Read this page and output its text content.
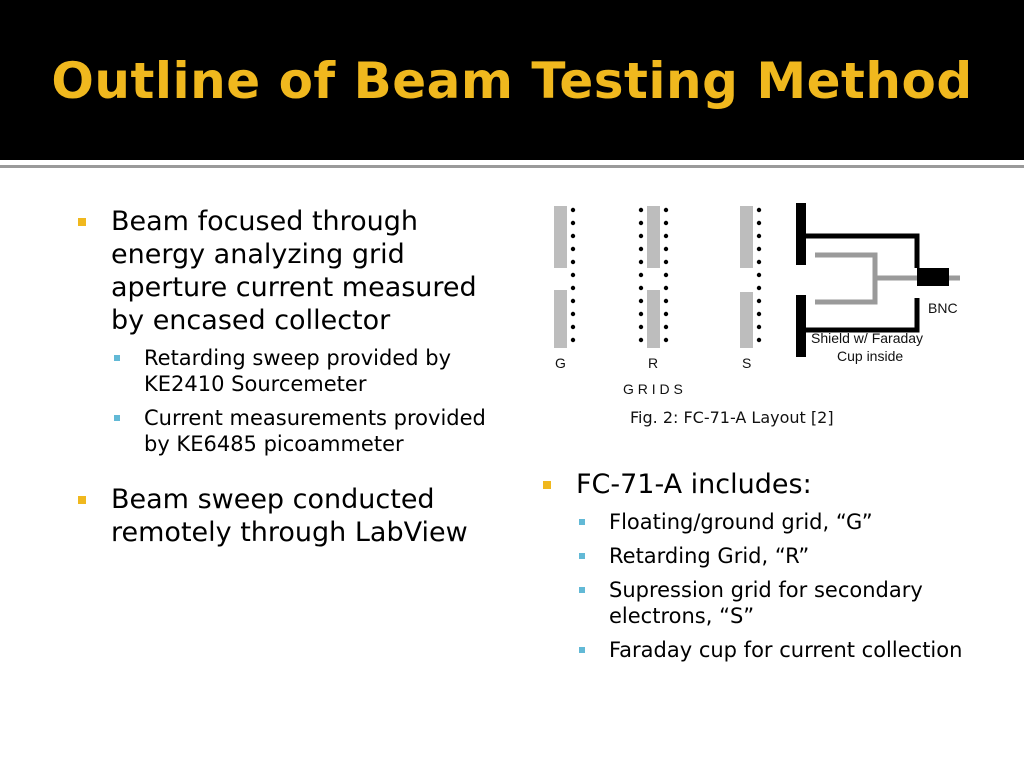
Outline of Beam Testing Method
Beam focused through energy analyzing grid aperture current measured by encased collector
Retarding sweep provided by KE2410 Sourcemeter
Current measurements provided by KE6485 picoammeter
Beam sweep conducted remotely through LabView
G	R	S
G R I D S
BNC
Shield w/ Faraday
Cup inside
Fig. 2: FC-71-A Layout [2]
FC-71-A includes:
Floating/ground grid, “G”
Retarding Grid, “R”
Supression grid for secondary electrons, “S”
Faraday cup for current collection
